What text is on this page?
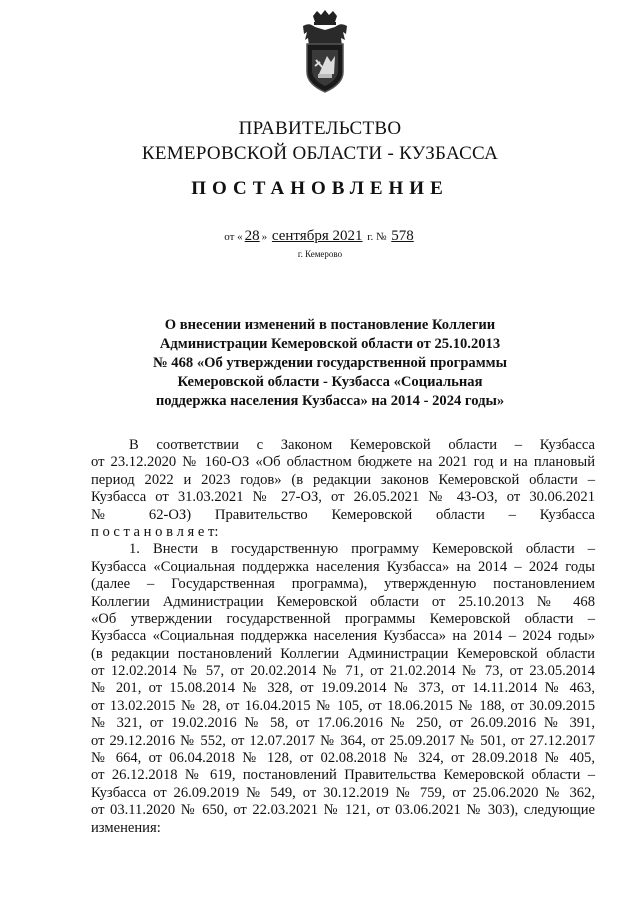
ПРАВИТЕЛЬСТВО
КЕМЕРОВСКОЙ ОБЛАСТИ - КУЗБАССА
ПОСТАНОВЛЕНИЕ
от « 28 » сентября 2021 г. № 578
г. Кемерово
О внесении изменений в постановление Коллегии
Администрации Кемеровской области от 25.10.2013
№ 468 «Об утверждении государственной программы
Кемеровской области - Кузбасса «Социальная
поддержка населения Кузбасса» на 2014 - 2024 годы»
В соответствии с Законом Кемеровской области – Кузбасса
от 23.12.2020 № 160-ОЗ «Об областном бюджете на 2021 год и на плановый
период 2022 и 2023 годов» (в редакции законов Кемеровской области –
Кузбасса от 31.03.2021 № 27-ОЗ, от 26.05.2021 № 43-ОЗ, от 30.06.2021
№ 62-ОЗ) Правительство Кемеровской области – Кузбасса
п о с т а н о в л я е т:
1. Внести в государственную программу Кемеровской области –
Кузбасса «Социальная поддержка населения Кузбасса» на 2014 – 2024 годы
(далее – Государственная программа), утвержденную постановлением
Коллегии Администрации Кемеровской области от 25.10.2013 № 468
«Об утверждении государственной программы Кемеровской области –
Кузбасса «Социальная поддержка населения Кузбасса» на 2014 – 2024 годы»
(в редакции постановлений Коллегии Администрации Кемеровской области
от 12.02.2014 № 57, от 20.02.2014 № 71, от 21.02.2014 № 73, от 23.05.2014
№ 201, от 15.08.2014 № 328, от 19.09.2014 № 373, от 14.11.2014 № 463,
от 13.02.2015 № 28, от 16.04.2015 № 105, от 18.06.2015 № 188, от 30.09.2015
№ 321, от 19.02.2016 № 58, от 17.06.2016 № 250, от 26.09.2016 № 391,
от 29.12.2016 № 552, от 12.07.2017 № 364, от 25.09.2017 № 501, от 27.12.2017
№ 664, от 06.04.2018 № 128, от 02.08.2018 № 324, от 28.09.2018 № 405,
от 26.12.2018 № 619, постановлений Правительства Кемеровской области –
Кузбасса от 26.09.2019 № 549, от 30.12.2019 № 759, от 25.06.2020 № 362,
от 03.11.2020 № 650, от 22.03.2021 № 121, от 03.06.2021 № 303), следующие
изменения:
